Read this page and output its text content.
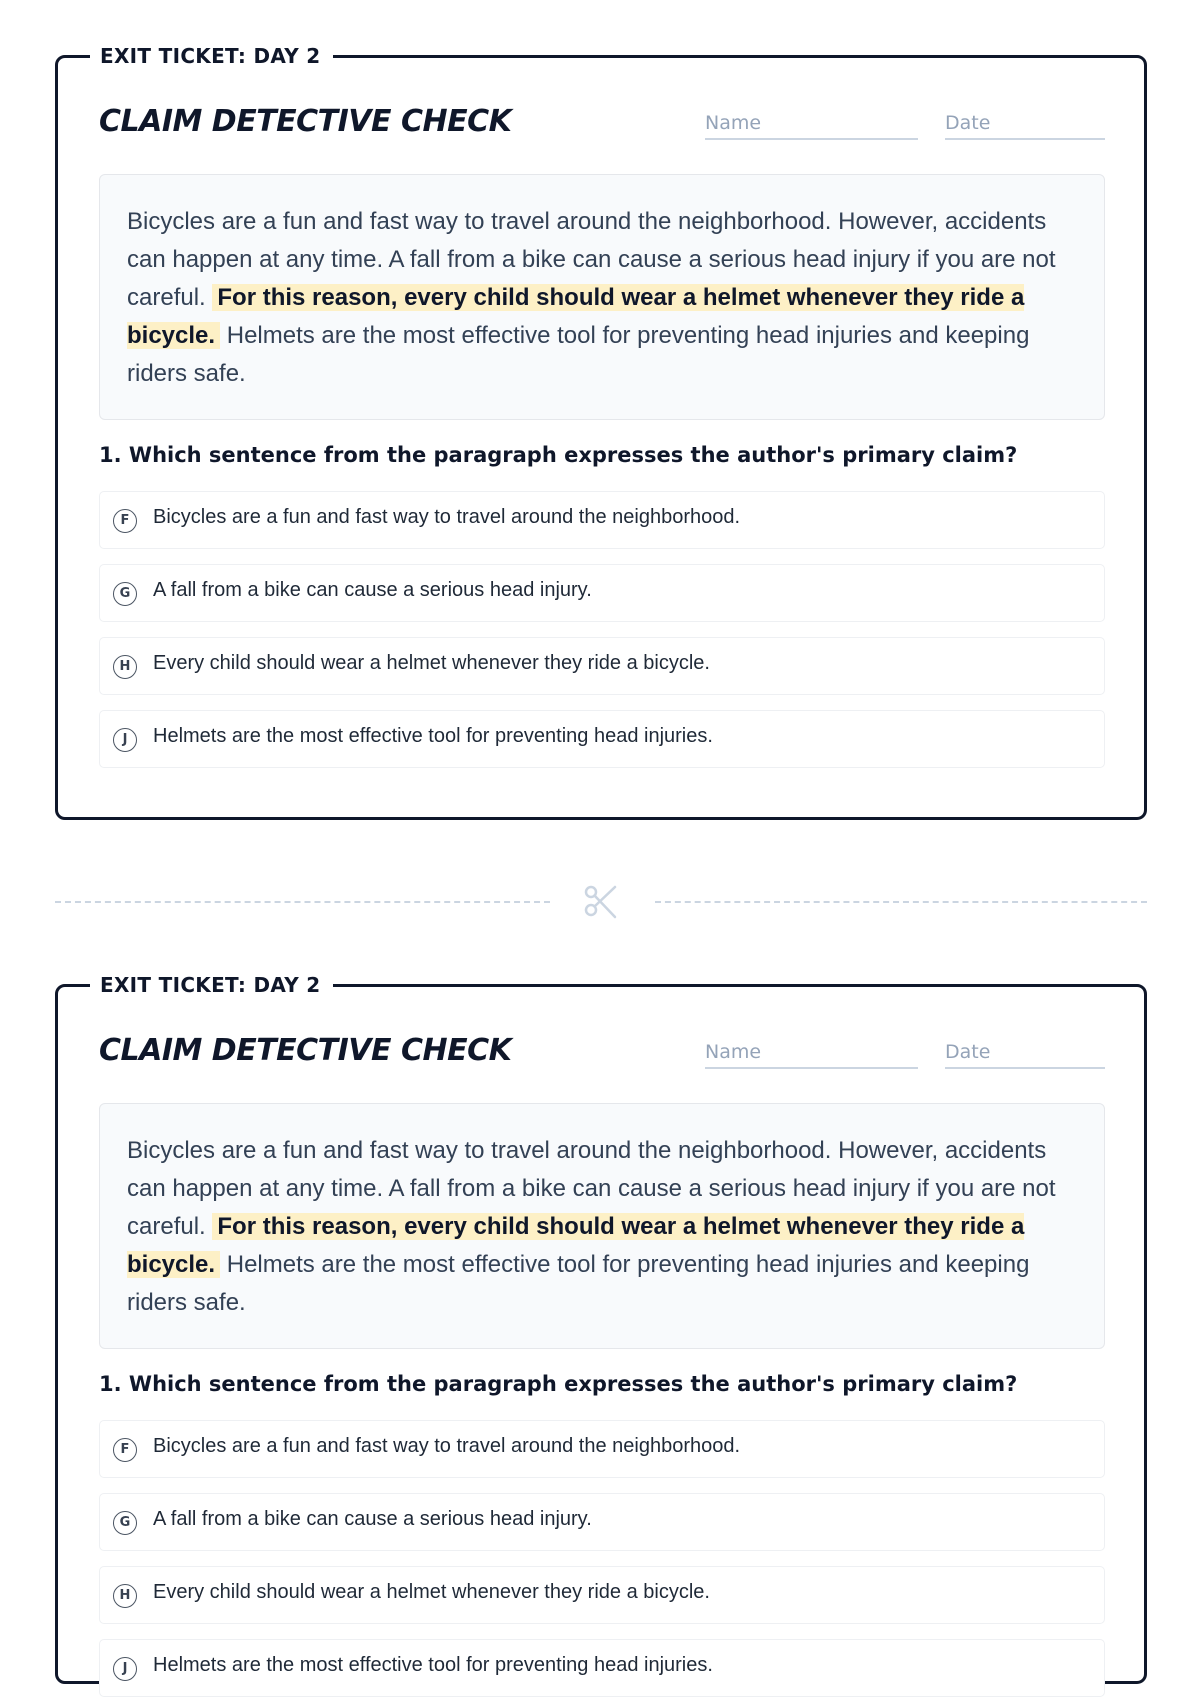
EXIT TICKET: DAY 2
CLAIM DETECTIVE CHECK	Name	Date
Bicycles are a fun and fast way to travel around the neighborhood. However, accidents can happen at any time. A fall from a bike can cause a serious head injury if you are not careful. For this reason, every child should wear a helmet whenever they ride a bicycle. Helmets are the most effective tool for preventing head injuries and keeping riders safe.
1. Which sentence from the paragraph expresses the author's primary claim?
F	Bicycles are a fun and fast way to travel around the neighborhood.
G	A fall from a bike can cause a serious head injury.
H	Every child should wear a helmet whenever they ride a bicycle.
J	Helmets are the most effective tool for preventing head injuries.
EXIT TICKET: DAY 2
CLAIM DETECTIVE CHECK	Name	Date
Bicycles are a fun and fast way to travel around the neighborhood. However, accidents can happen at any time. A fall from a bike can cause a serious head injury if you are not careful. For this reason, every child should wear a helmet whenever they ride a bicycle. Helmets are the most effective tool for preventing head injuries and keeping riders safe.
1. Which sentence from the paragraph expresses the author's primary claim?
F	Bicycles are a fun and fast way to travel around the neighborhood.
G	A fall from a bike can cause a serious head injury.
H	Every child should wear a helmet whenever they ride a bicycle.
J	Helmets are the most effective tool for preventing head injuries.
